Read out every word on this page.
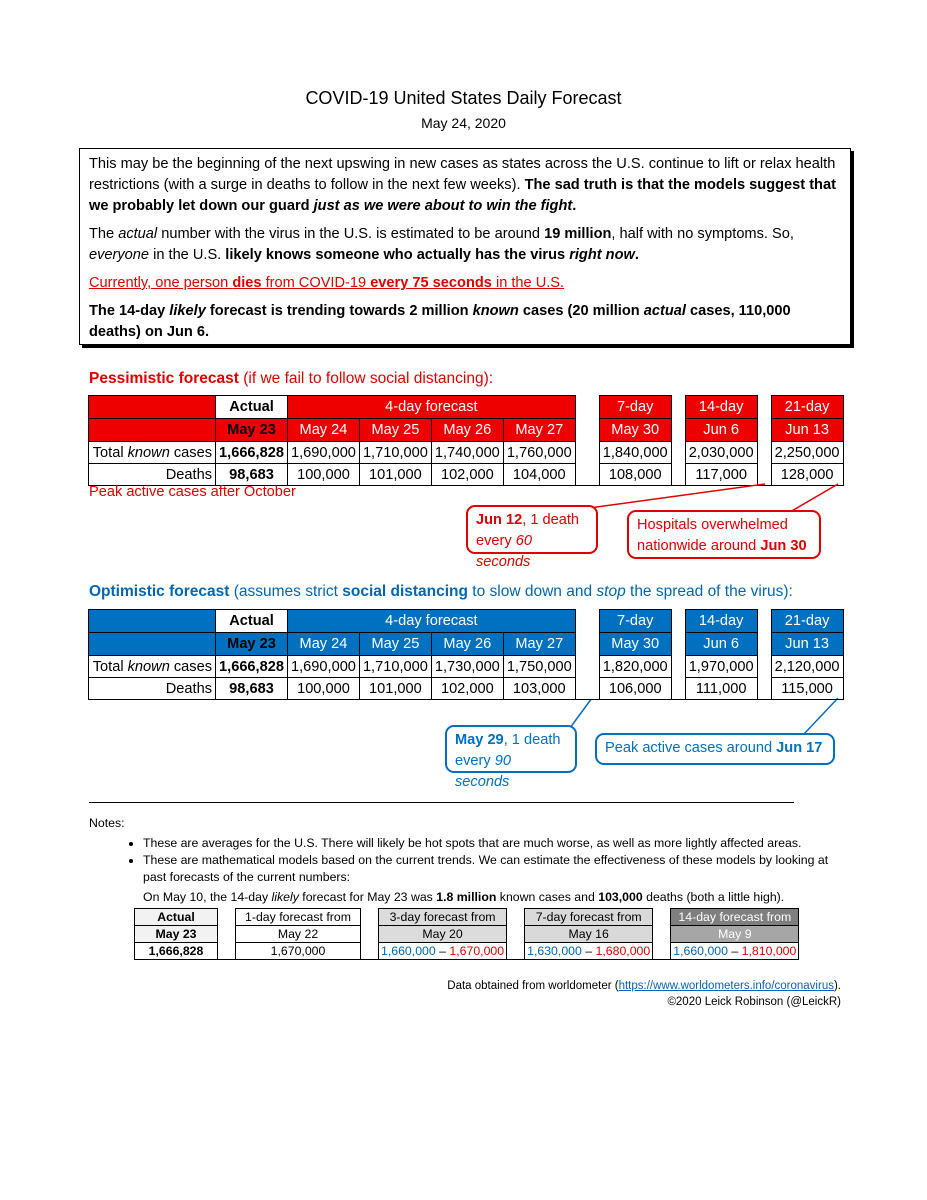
COVID-19 United States Daily Forecast
May 24, 2020

This may be the beginning of the next upswing in new cases as states across the U.S. continue to lift or relax health restrictions (with a surge in deaths to follow in the next few weeks). The sad truth is that the models suggest that we probably let down our guard just as we were about to win the fight.

The actual number with the virus in the U.S. is estimated to be around 19 million, half with no symptoms. So, everyone in the U.S. likely knows someone who actually has the virus right now.

Currently, one person dies from COVID-19 every 75 seconds in the U.S.

The 14-day likely forecast is trending towards 2 million known cases (20 million actual cases, 110,000 deaths) on Jun 6.

Pessimistic forecast (if we fail to follow social distancing):
	Actual	4-day forecast					7-day		14-day		21-day
	May 23	May 24	May 25	May 26	May 27		May 30		Jun 6		Jun 13
Total known cases	1,666,828	1,690,000	1,710,000	1,740,000	1,760,000		1,840,000		2,030,000		2,250,000
Deaths	98,683	100,000	101,000	102,000	104,000		108,000		117,000		128,000
Peak active cases after October
Jun 12, 1 death
every 60 seconds
Hospitals overwhelmed
nationwide around Jun 30
Optimistic forecast (assumes strict social distancing to slow down and stop the spread of the virus):
	Actual	4-day forecast					7-day		14-day		21-day
	May 23	May 24	May 25	May 26	May 27		May 30		Jun 6		Jun 13
Total known cases	1,666,828	1,690,000	1,710,000	1,730,000	1,750,000		1,820,000		1,970,000		2,120,000
Deaths	98,683	100,000	101,000	102,000	103,000		106,000		111,000		115,000
May 29, 1 death
every 90 seconds
Peak active cases around Jun 17
Notes:
• These are averages for the U.S. There will likely be hot spots that are much worse, as well as more lightly affected areas.
• These are mathematical models based on the current trends. We can estimate the effectiveness of these models by looking at past forecasts of the current numbers:
On May 10, the 14-day likely forecast for May 23 was 1.8 million known cases and 103,000 deaths (both a little high).
Actual		1-day forecast from		3-day forecast from		7-day forecast from		14-day forecast from
May 23		May 22		May 20		May 16		May 9
1,666,828		1,670,000		1,660,000 – 1,670,000		1,630,000 – 1,680,000		1,660,000 – 1,810,000
Data obtained from worldometer (https://www.worldometers.info/coronavirus).
©2020 Leick Robinson (@LeickR)
